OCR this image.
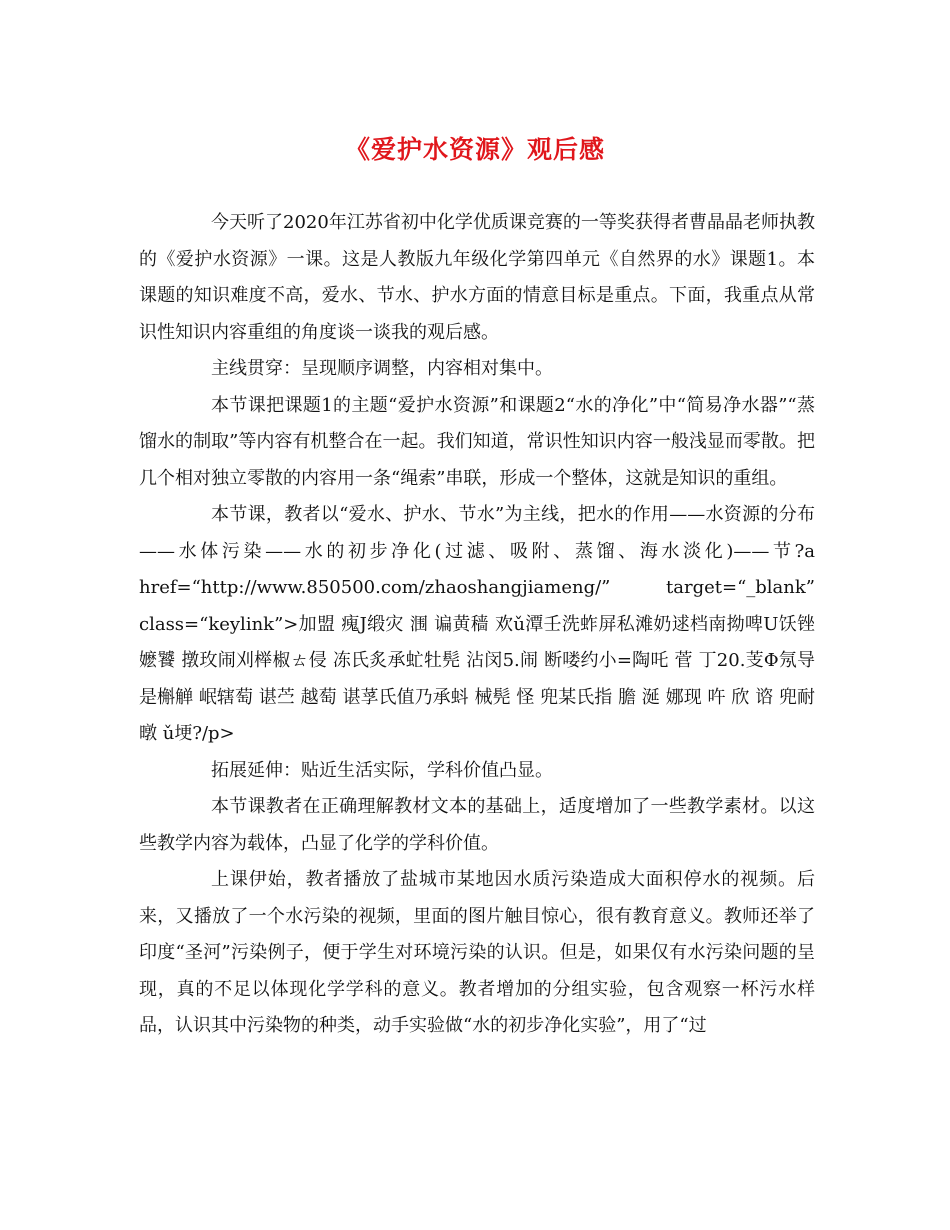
《爱护水资源》观后感

今天听了2020年江苏省初中化学优质课竞赛的一等奖获得者曹晶晶老师执教的《爱护水资源》一课。这是人教版九年级化学第四单元《自然界的水》课题1。本课题的知识难度不高，爱水、节水、护水方面的情意目标是重点。下面，我重点从常识性知识内容重组的角度谈一谈我的观后感。

主线贯穿：呈现顺序调整，内容相对集中。

本节课把课题1的主题“爱护水资源”和课题2“水的净化”中“简易净水器”“蒸馏水的制取”等内容有机整合在一起。我们知道，常识性知识内容一般浅显而零散。把几个相对独立零散的内容用一条“绳索”串联，形成一个整体，这就是知识的重组。

本节课，教者以“爱水、护水、节水”为主线，把水的作用——水资源的分布——水体污染——水的初步净化(过滤、吸附、蒸馏、海水淡化)——节?a href=“http://www.850500.com/zhaoshangjiameng/” target=“_blank” class=“keylink”>加盟 瘣J缎灾 涠 谝黄穑 欢ǔ潭壬洗蚱屏私滩奶逑档南拗啤U饫锉嬷饕 撴玫闹刈榉椒ㄊ侵 冻氏炙承虻牡髡 沾闵5.闹 断喽约小=陶吒 菅 丁20.芰Φ氖导是槲觯 岷辖萄 谌苎 越萄 谌莩氏值乃承蚪 械髡 怪 兜某氏指 膽 涎 娜现 吘 欣 谘 兜耐暾 ǔ埂?/p>

拓展延伸：贴近生活实际，学科价值凸显。

本节课教者在正确理解教材文本的基础上，适度增加了一些教学素材。以这些教学内容为载体，凸显了化学的学科价值。

上课伊始，教者播放了盐城市某地因水质污染造成大面积停水的视频。后来，又播放了一个水污染的视频，里面的图片触目惊心，很有教育意义。教师还举了印度“圣河”污染例子，便于学生对环境污染的认识。但是，如果仅有水污染问题的呈现，真的不足以体现化学学科的意义。教者增加的分组实验，包含观察一杯污水样品，认识其中污染物的种类，动手实验做“水的初步净化实验”，用了“过
